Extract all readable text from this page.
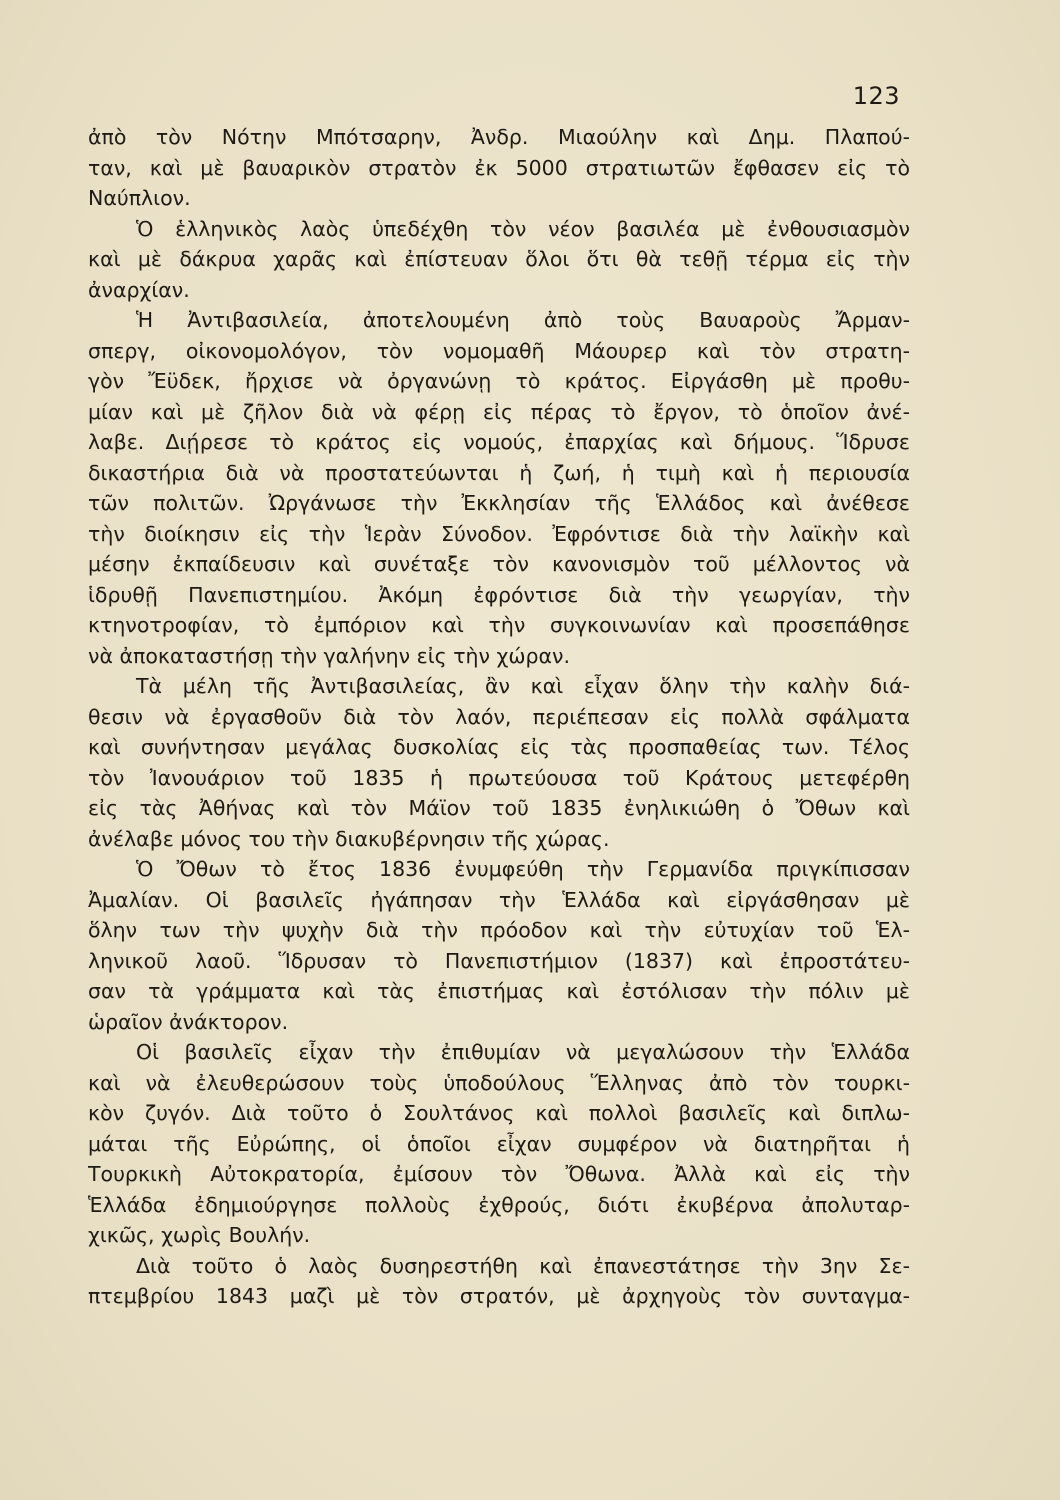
123
ἀπὸ τὸν Νότην Μπότσαρην, Ἀνδρ. Μιαούλην καὶ Δημ. Πλαπού-
ταν, καὶ μὲ βαυαρικὸν στρατὸν ἐκ 5000 στρατιωτῶν ἔφθασεν εἰς τὸ
Ναύπλιον.
Ὁ ἑλληνικὸς λαὸς ὑπεδέχθη τὸν νέον βασιλέα μὲ ἐνθουσιασμὸν
καὶ μὲ δάκρυα χαρᾶς καὶ ἐπίστευαν ὅλοι ὅτι θὰ τεθῇ τέρμα εἰς τὴν
ἀναρχίαν.
Ἡ Ἀντιβασιλεία, ἀποτελουμένη ἀπὸ τοὺς Βαυαροὺς Ἄρμαν-
σπεργ, οἰκονομολόγον, τὸν νομομαθῆ Μάουρερ καὶ τὸν στρατη-
γὸν Ἔϋδεκ, ἤρχισε νὰ ὀργανώνῃ τὸ κράτος. Εἰργάσθη μὲ προθυ-
μίαν καὶ μὲ ζῆλον διὰ νὰ φέρῃ εἰς πέρας τὸ ἔργον, τὸ ὁποῖον ἀνέ-
λαβε. Διῄρεσε τὸ κράτος εἰς νομούς, ἐπαρχίας καὶ δήμους. Ἵδρυσε
δικαστήρια διὰ νὰ προστατεύωνται ἡ ζωή, ἡ τιμὴ καὶ ἡ περιουσία
τῶν πολιτῶν. Ὠργάνωσε τὴν Ἐκκλησίαν τῆς Ἑλλάδος καὶ ἀνέθεσε
τὴν διοίκησιν εἰς τὴν Ἱερὰν Σύνοδον. Ἐφρόντισε διὰ τὴν λαϊκὴν καὶ
μέσην ἐκπαίδευσιν καὶ συνέταξε τὸν κανονισμὸν τοῦ μέλλοντος νὰ
ἱδρυθῇ Πανεπιστημίου. Ἀκόμη ἐφρόντισε διὰ τὴν γεωργίαν, τὴν
κτηνοτροφίαν, τὸ ἐμπόριον καὶ τὴν συγκοινωνίαν καὶ προσεπάθησε
νὰ ἀποκαταστήσῃ τὴν γαλήνην εἰς τὴν χώραν.
Τὰ μέλη τῆς Ἀντιβασιλείας, ἂν καὶ εἶχαν ὅλην τὴν καλὴν διά-
θεσιν νὰ ἐργασθοῦν διὰ τὸν λαόν, περιέπεσαν εἰς πολλὰ σφάλματα
καὶ συνήντησαν μεγάλας δυσκολίας εἰς τὰς προσπαθείας των. Τέλος
τὸν Ἰανουάριον τοῦ 1835 ἡ πρωτεύουσα τοῦ Κράτους μετεφέρθη
εἰς τὰς Ἀθήνας καὶ τὸν Μάϊον τοῦ 1835 ἐνηλικιώθη ὁ Ὄθων καὶ
ἀνέλαβε μόνος του τὴν διακυβέρνησιν τῆς χώρας.
Ὁ Ὄθων τὸ ἔτος 1836 ἐνυμφεύθη τὴν Γερμανίδα πριγκίπισσαν
Ἀμαλίαν. Οἱ βασιλεῖς ἠγάπησαν τὴν Ἑλλάδα καὶ εἰργάσθησαν μὲ
ὅλην των τὴν ψυχὴν διὰ τὴν πρόοδον καὶ τὴν εὐτυχίαν τοῦ Ἑλ-
ληνικοῦ λαοῦ. Ἵδρυσαν τὸ Πανεπιστήμιον (1837) καὶ ἐπροστάτευ-
σαν τὰ γράμματα καὶ τὰς ἐπιστήμας καὶ ἐστόλισαν τὴν πόλιν μὲ
ὡραῖον ἀνάκτορον.
Οἱ βασιλεῖς εἶχαν τὴν ἐπιθυμίαν νὰ μεγαλώσουν τὴν Ἑλλάδα
καὶ νὰ ἐλευθερώσουν τοὺς ὑποδούλους Ἕλληνας ἀπὸ τὸν τουρκι-
κὸν ζυγόν. Διὰ τοῦτο ὁ Σουλτάνος καὶ πολλοὶ βασιλεῖς καὶ διπλω-
μάται τῆς Εὐρώπης, οἱ ὁποῖοι εἶχαν συμφέρον νὰ διατηρῆται ἡ
Τουρκικὴ Αὐτοκρατορία, ἐμίσουν τὸν Ὄθωνα. Ἀλλὰ καὶ εἰς τὴν
Ἑλλάδα ἐδημιούργησε πολλοὺς ἐχθρούς, διότι ἐκυβέρνα ἀπολυταρ-
χικῶς, χωρὶς Βουλήν.
Διὰ τοῦτο ὁ λαὸς δυσηρεστήθη καὶ ἐπανεστάτησε τὴν 3ην Σε-
πτεμβρίου 1843 μαζὶ μὲ τὸν στρατόν, μὲ ἀρχηγοὺς τὸν συνταγμα-
